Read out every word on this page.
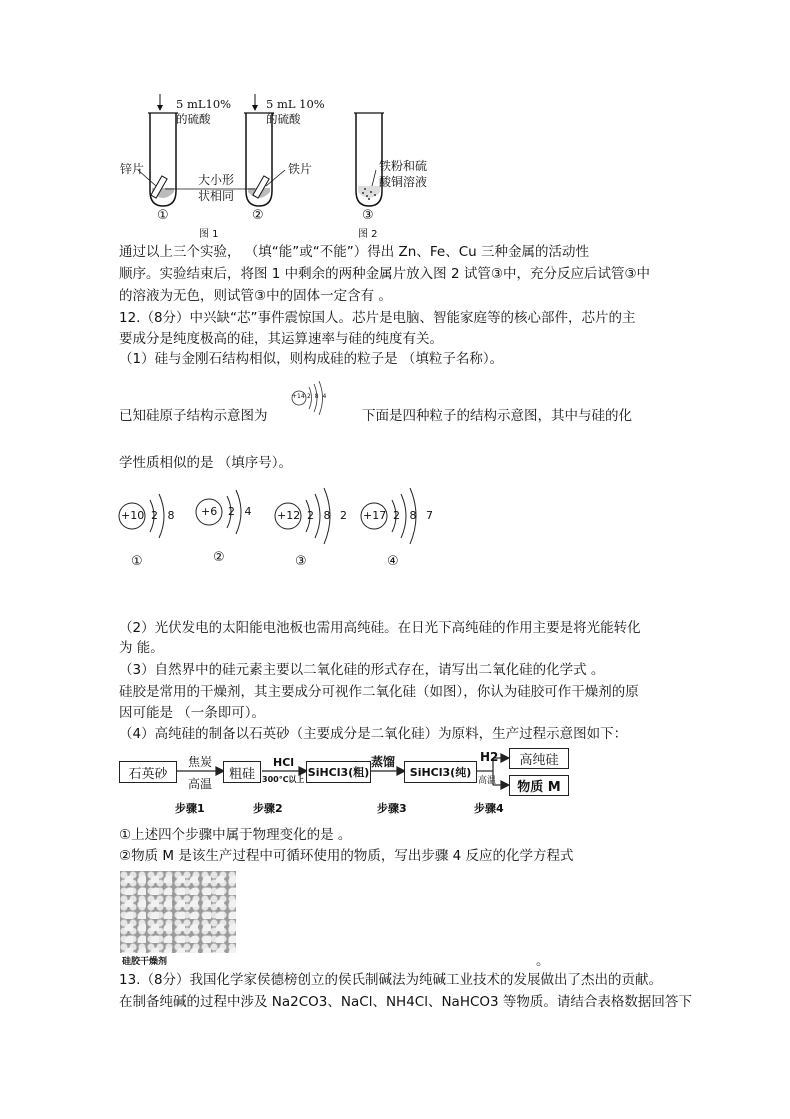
5 mL10%
的硫酸
5 mL 10%
的硫酸
锌片	铁片
大小形
状相同
铁粉和硫
酸铜溶液
①	②	③
图 1	图 2
通过以上三个实验， （填“能”或“不能”）得出 Zn、Fe、Cu 三种金属的活动性
顺序。实验结束后，将图 1 中剩余的两种金属片放入图 2 试管③中，充分反应后试管③中
的溶液为无色，则试管③中的固体一定含有 。
12.（8分）中兴缺“芯”事件震惊国人。芯片是电脑、智能家庭等的核心部件，芯片的主
要成分是纯度极高的硅，其运算速率与硅的纯度有关。
（1）硅与金刚石结构相似，则构成硅的粒子是 （填粒子名称）。
已知硅原子结构示意图为
+14 2 8 4
下面是四种粒子的结构示意图，其中与硅的化
学性质相似的是 （填序号）。
+10 2 8
①
+6 2 4
②
+12 2 8 2
③
+17 2 8 7
④
（2）光伏发电的太阳能电池板也需用高纯硅。在日光下高纯硅的作用主要是将光能转化
为 能。
（3）自然界中的硅元素主要以二氧化硅的形式存在，请写出二氧化硅的化学式 。
硅胶是常用的干燥剂，其主要成分可视作二氧化硅（如图），你认为硅胶可作干燥剂的原
因可能是 （一条即可）。
（4）高纯硅的制备以石英砂（主要成分是二氧化硅）为原料，生产过程示意图如下：
石英砂	粗硅	SiHCl3(粗)	SiHCl3(纯)
高纯硅
物质 M
焦炭
高温
HCl
300℃以上
蒸馏	H2
高温
步骤1	步骤2	步骤3	步骤4
①上述四个步骤中属于物理变化的是 。
②物质 M 是该生产过程中可循环使用的物质，写出步骤 4 反应的化学方程式
硅胶干燥剂	。
13.（8分）我国化学家侯德榜创立的侯氏制碱法为纯碱工业技术的发展做出了杰出的贡献。
在制备纯碱的过程中涉及 Na2CO3、NaCl、NH4Cl、NaHCO3 等物质。请结合表格数据回答下
